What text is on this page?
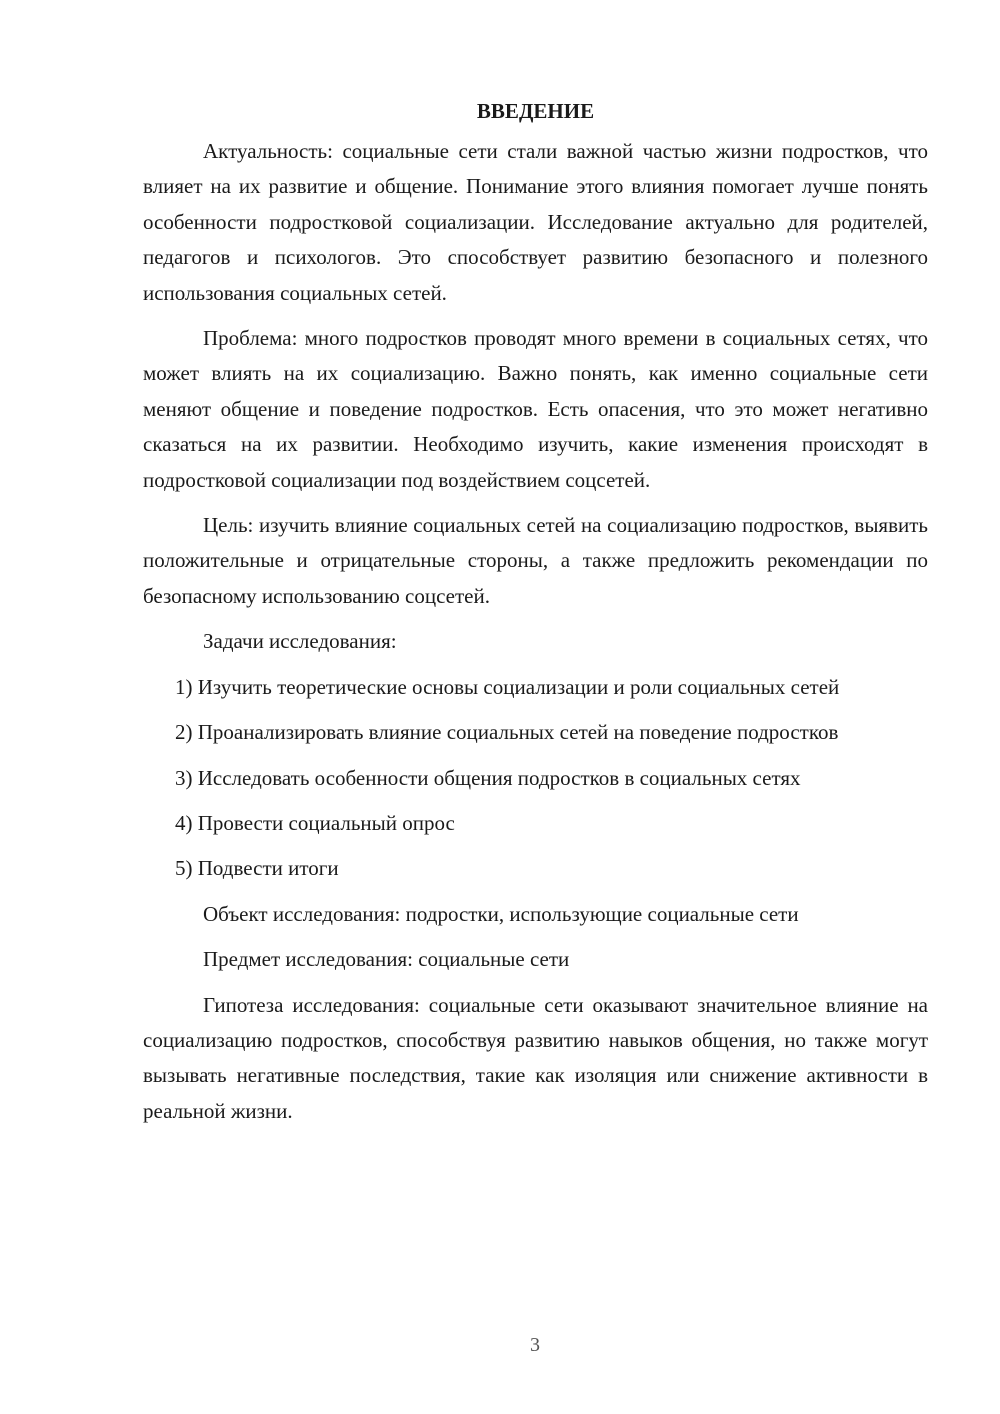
ВВЕДЕНИЕ

Актуальность: социальные сети стали важной частью жизни подростков, что влияет на их развитие и общение. Понимание этого влияния помогает лучше понять особенности подростковой социализации. Исследование актуально для родителей, педагогов и психологов. Это способствует развитию безопасного и полезного использования социальных сетей.

Проблема: много подростков проводят много времени в социальных сетях, что может влиять на их социализацию. Важно понять, как именно социальные сети меняют общение и поведение подростков. Есть опасения, что это может негативно сказаться на их развитии. Необходимо изучить, какие изменения происходят в подростковой социализации под воздействием соцсетей.

Цель: изучить влияние социальных сетей на социализацию подростков, выявить положительные и отрицательные стороны, а также предложить рекомендации по безопасному использованию соцсетей.

Задачи исследования:

1) Изучить теоретические основы социализации и роли социальных сетей

2) Проанализировать влияние социальных сетей на поведение подростков

3) Исследовать особенности общения подростков в социальных сетях

4) Провести социальный опрос

5) Подвести итоги

Объект исследования: подростки, использующие социальные сети

Предмет исследования: социальные сети

Гипотеза исследования: социальные сети оказывают значительное влияние на социализацию подростков, способствуя развитию навыков общения, но также могут вызывать негативные последствия, такие как изоляция или снижение активности в реальной жизни.

3
